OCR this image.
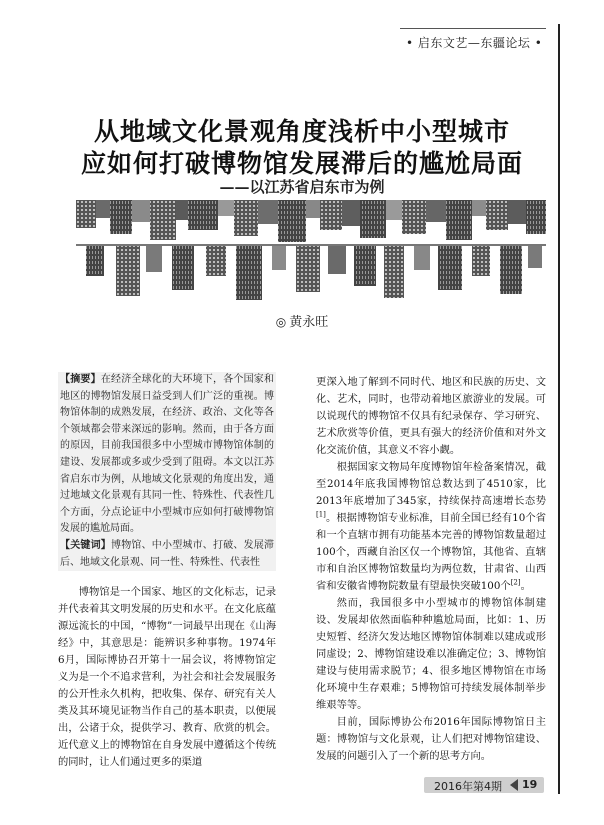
• 启东文艺—东疆论坛 •
从地域文化景观角度浅析中小型城市
应如何打破博物馆发展滞后的尴尬局面
——以江苏省启东市为例
◎ 黄永旺

【摘要】在经济全球化的大环境下，各个国家和地区的博物馆发展日益受到人们广泛的重视。博物馆体制的成熟发展，在经济、政治、文化等各个领域都会带来深远的影响。然而，由于各方面的原因，目前我国很多中小型城市博物馆体制的建设、发展都或多或少受到了阻碍。本文以江苏省启东市为例，从地域文化景观的角度出发，通过地域文化景观有其同一性、特殊性、代表性几个方面，分点论证中小型城市应如何打破博物馆发展的尴尬局面。

【关键词】博物馆、中小型城市、打破、发展滞后、地域文化景观、同一性、特殊性、代表性

博物馆是一个国家、地区的文化标志，记录并代表着其文明发展的历史和水平。在文化底蕴源远流长的中国，“博物”一词最早出现在《山海经》中，其意思是：能辨识多种事物。1974年6月，国际博协召开第十一届会议，将博物馆定义为是一个不追求营利，为社会和社会发展服务的公开性永久机构，把收集、保存、研究有关人类及其环境见证物当作自己的基本职责，以便展出，公诸于众，提供学习、教育、欣赏的机会。近代意义上的博物馆在自身发展中遵循这个传统的同时，让人们通过更多的渠道

更深入地了解到不同时代、地区和民族的历史、文化、艺术，同时，也带动着地区旅游业的发展。可以说现代的博物馆不仅具有纪录保存、学习研究、艺术欣赏等价值，更具有强大的经济价值和对外文化交流价值，其意义不容小觑。

根据国家文物局年度博物馆年检备案情况，截至2014年底我国博物馆总数达到了4510家，比2013年底增加了345家，持续保持高速增长态势[1]。根据博物馆专业标准，目前全国已经有10个省和一个直辖市拥有功能基本完善的博物馆数量超过100个，西藏自治区仅一个博物馆，其他省、直辖市和自治区博物馆数量均为两位数，甘肃省、山西省和安徽省博物院数量有望最快突破100个[2]。

然而，我国很多中小型城市的博物馆体制建设、发展却依然面临种种尴尬局面，比如：1、历史短暂、经济欠发达地区博物馆体制难以建成或形同虚设；2、博物馆建设难以准确定位；3、博物馆建设与使用需求脱节；4、很多地区博物馆在市场化环境中生存艰难；5博物馆可持续发展体制举步维艰等等。

目前，国际博协公布2016年国际博物馆日主题：博物馆与文化景观，让人们把对博物馆建设、发展的问题引入了一个新的思考方向。

2016年第4期 19
